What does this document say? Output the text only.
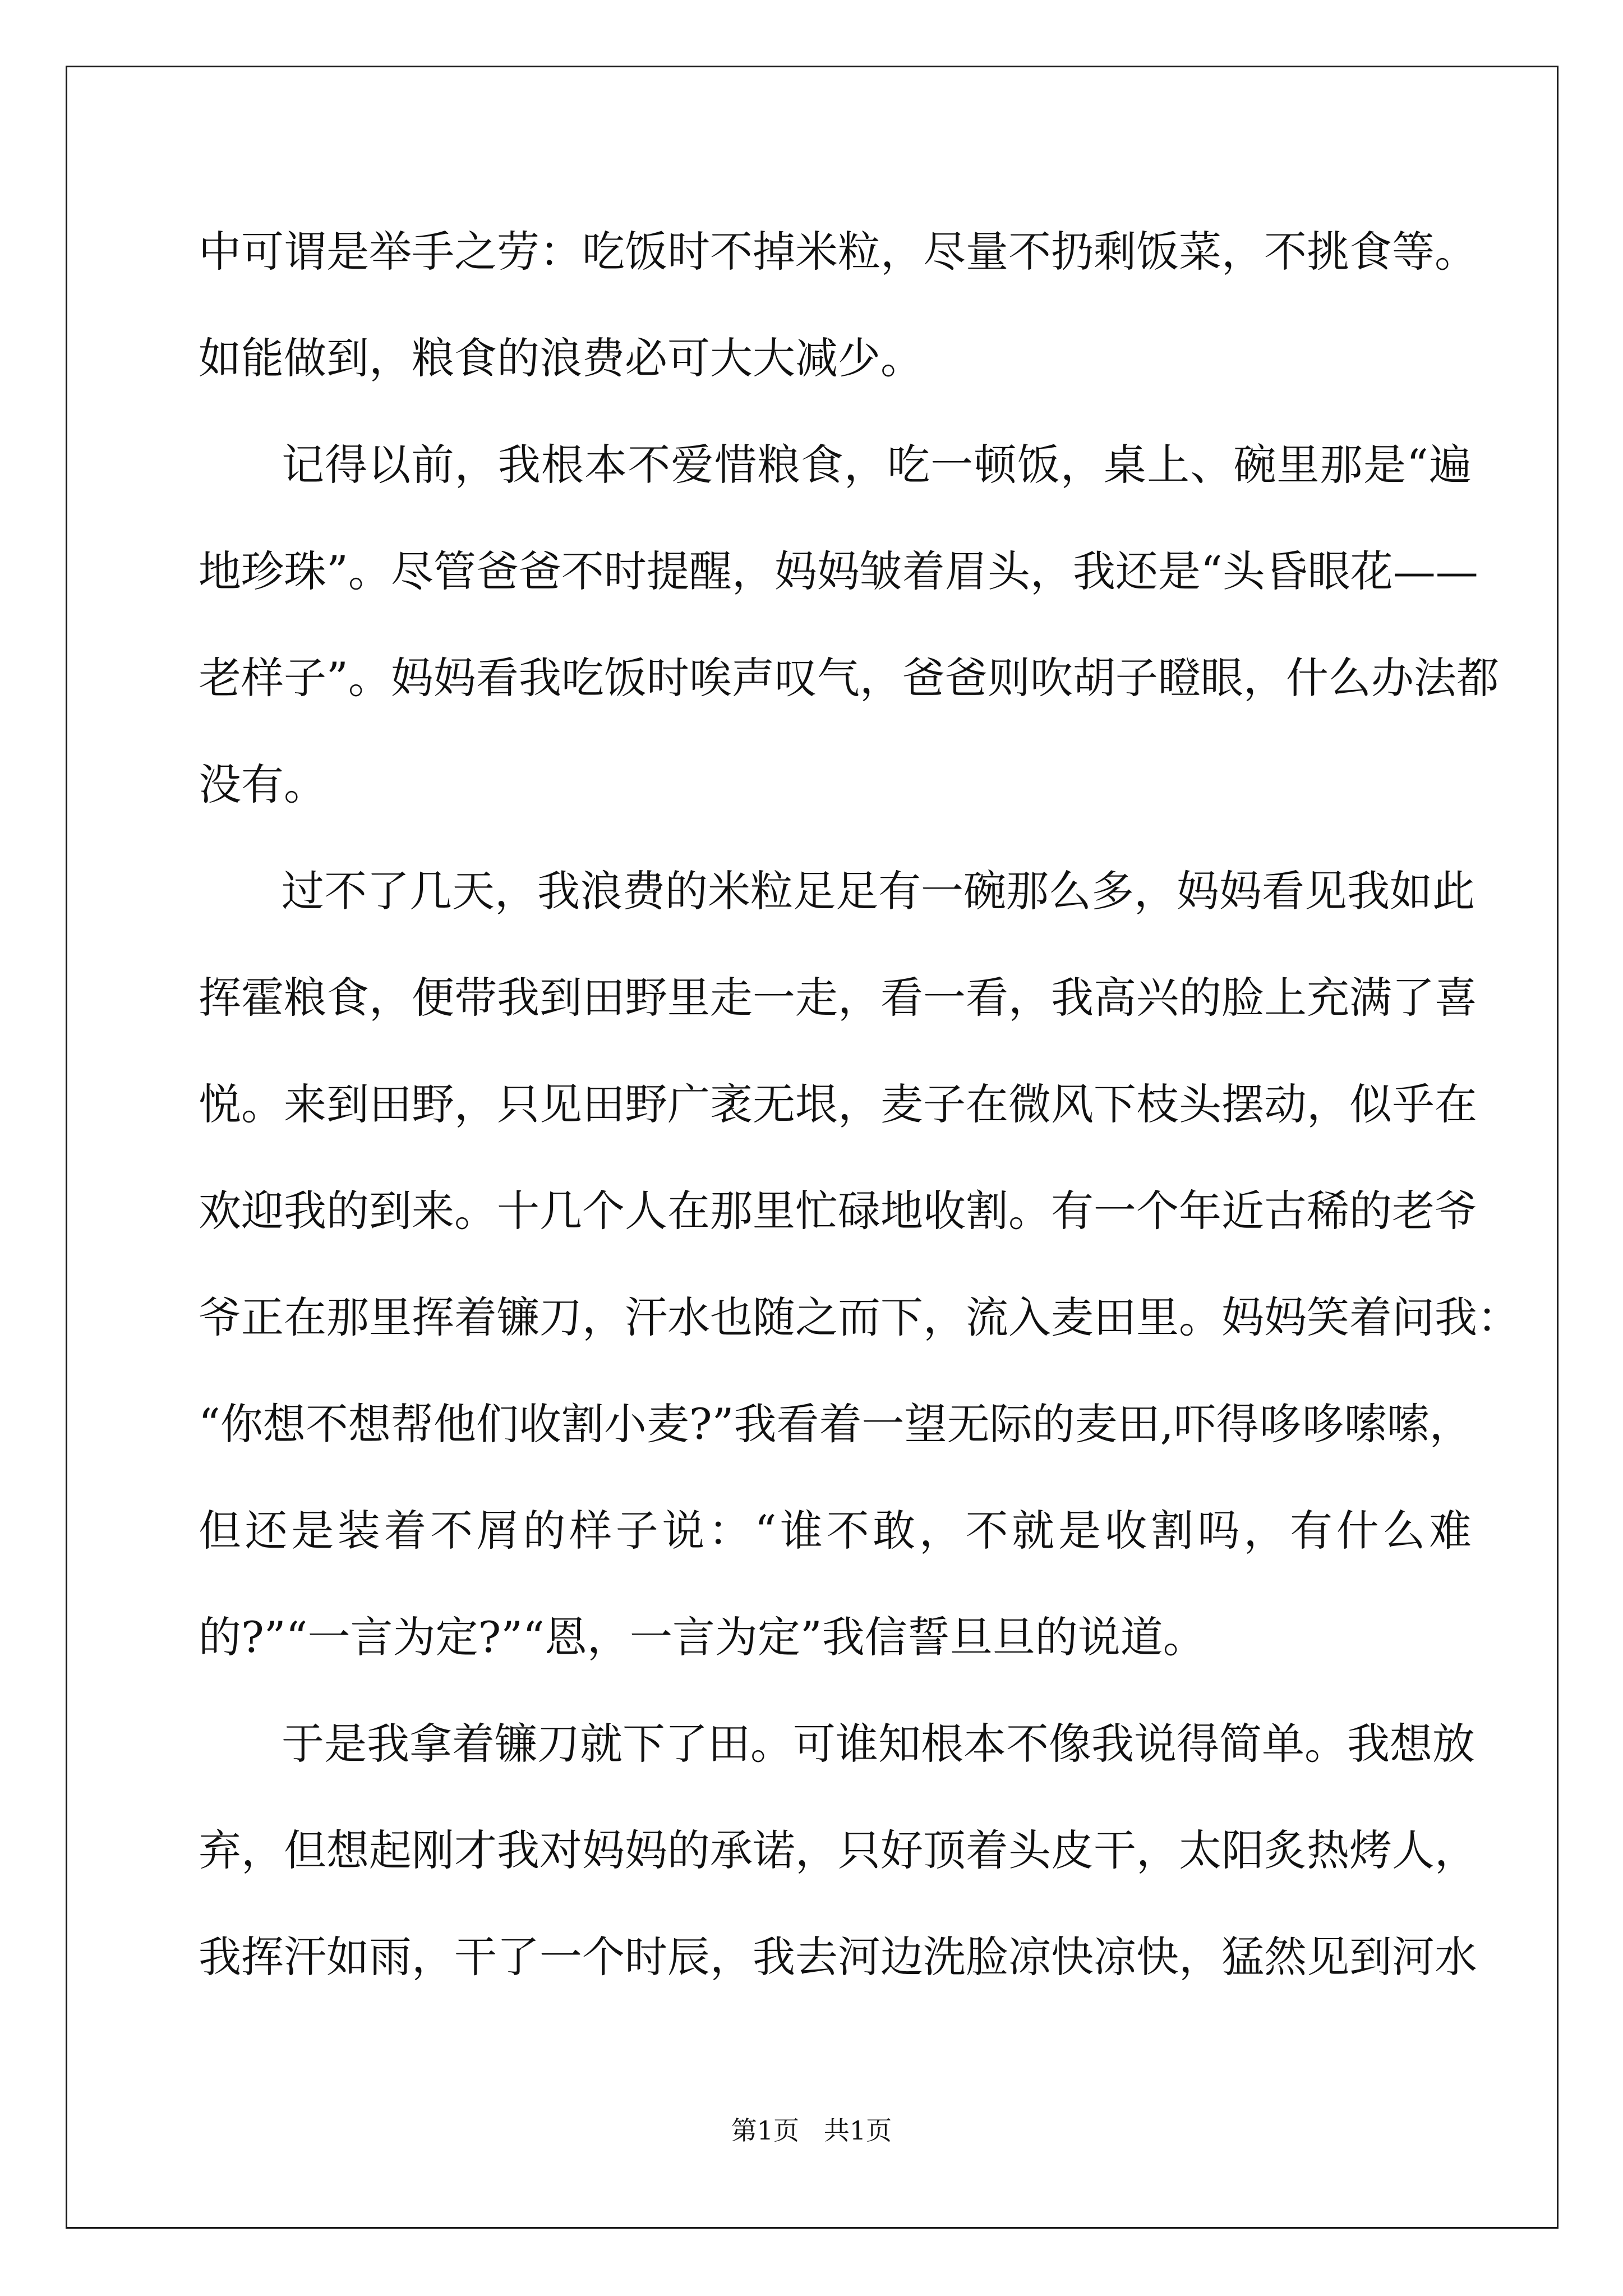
中可谓是举手之劳：吃饭时不掉米粒，尽量不扔剩饭菜，不挑食等。
如能做到，粮食的浪费必可大大减少。
记得以前，我根本不爱惜粮食，吃一顿饭，桌上、碗里那是“遍
地珍珠”。尽管爸爸不时提醒，妈妈皱着眉头，我还是“头昏眼花——
老样子”。妈妈看我吃饭时唉声叹气，爸爸则吹胡子瞪眼，什么办法都
没有。
过不了几天，我浪费的米粒足足有一碗那么多，妈妈看见我如此
挥霍粮食，便带我到田野里走一走，看一看，我高兴的脸上充满了喜
悦。来到田野，只见田野广袤无垠，麦子在微风下枝头摆动，似乎在
欢迎我的到来。十几个人在那里忙碌地收割。有一个年近古稀的老爷
爷正在那里挥着镰刀，汗水也随之而下，流入麦田里。妈妈笑着问我：
“你想不想帮他们收割小麦?”我看着一望无际的麦田,吓得哆哆嗦嗦，
但还是装着不屑的样子说：“谁不敢，不就是收割吗，有什么难
的?”“一言为定?”“恩，一言为定”我信誓旦旦的说道。
于是我拿着镰刀就下了田。可谁知根本不像我说得简单。我想放
弃，但想起刚才我对妈妈的承诺，只好顶着头皮干，太阳炙热烤人，
我挥汗如雨，干了一个时辰，我去河边洗脸凉快凉快，猛然见到河水
第1页   共1页
